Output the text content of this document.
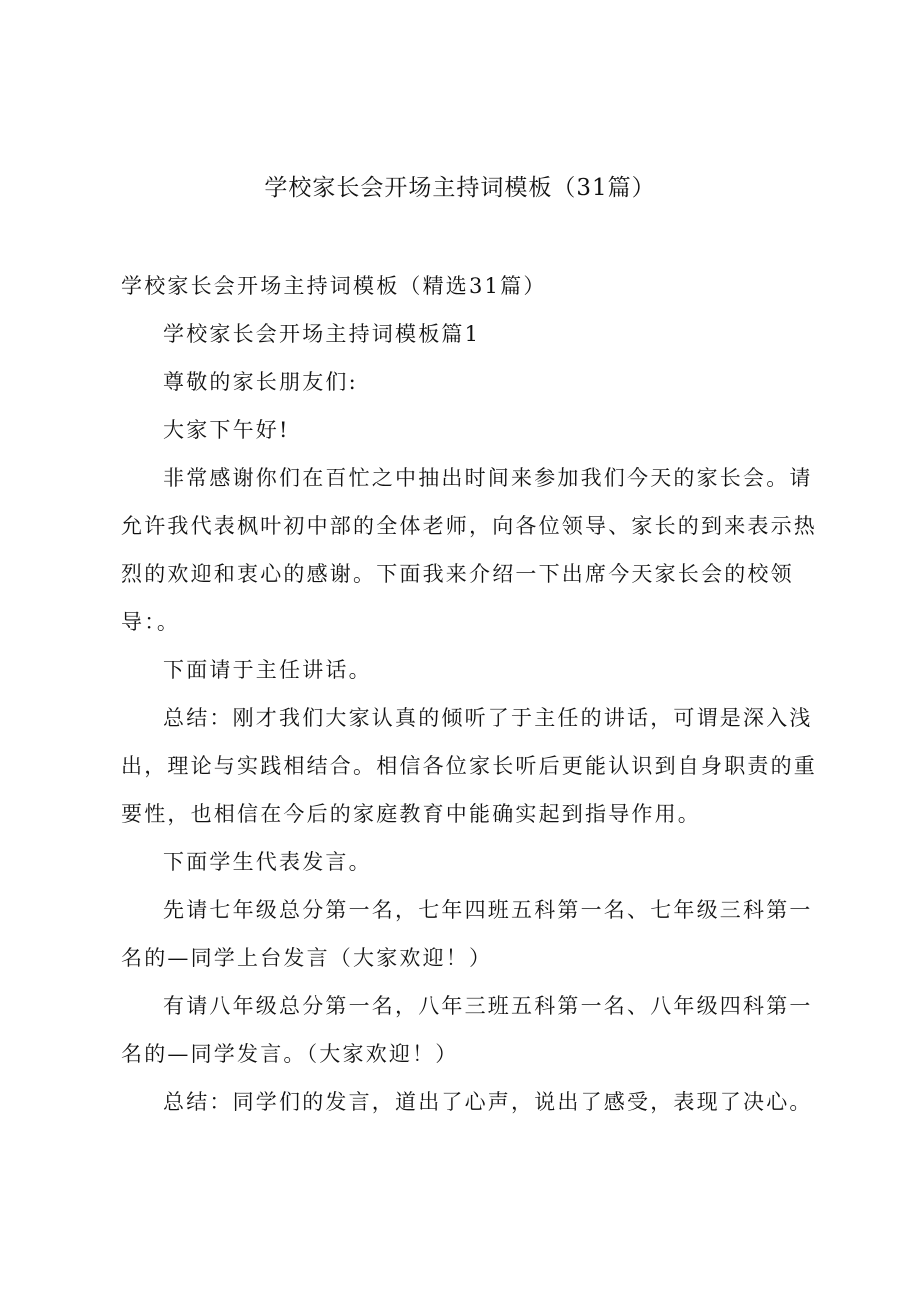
学校家长会开场主持词模板（31篇）

学校家长会开场主持词模板（精选31篇）

学校家长会开场主持词模板篇1

尊敬的家长朋友们:

大家下午好!

非常感谢你们在百忙之中抽出时间来参加我们今天的家长会。请允许我代表枫叶初中部的全体老师，向各位领导、家长的到来表示热烈的欢迎和衷心的感谢。下面我来介绍一下出席今天家长会的校领导：。

下面请于主任讲话。

总结：刚才我们大家认真的倾听了于主任的讲话，可谓是深入浅出，理论与实践相结合。相信各位家长听后更能认识到自身职责的重要性，也相信在今后的家庭教育中能确实起到指导作用。

下面学生代表发言。

先请七年级总分第一名，七年四班五科第一名、七年级三科第一名的—同学上台发言（大家欢迎！）

有请八年级总分第一名，八年三班五科第一名、八年级四科第一名的—同学发言。（大家欢迎！）

总结：同学们的发言，道出了心声，说出了感受，表现了决心。
